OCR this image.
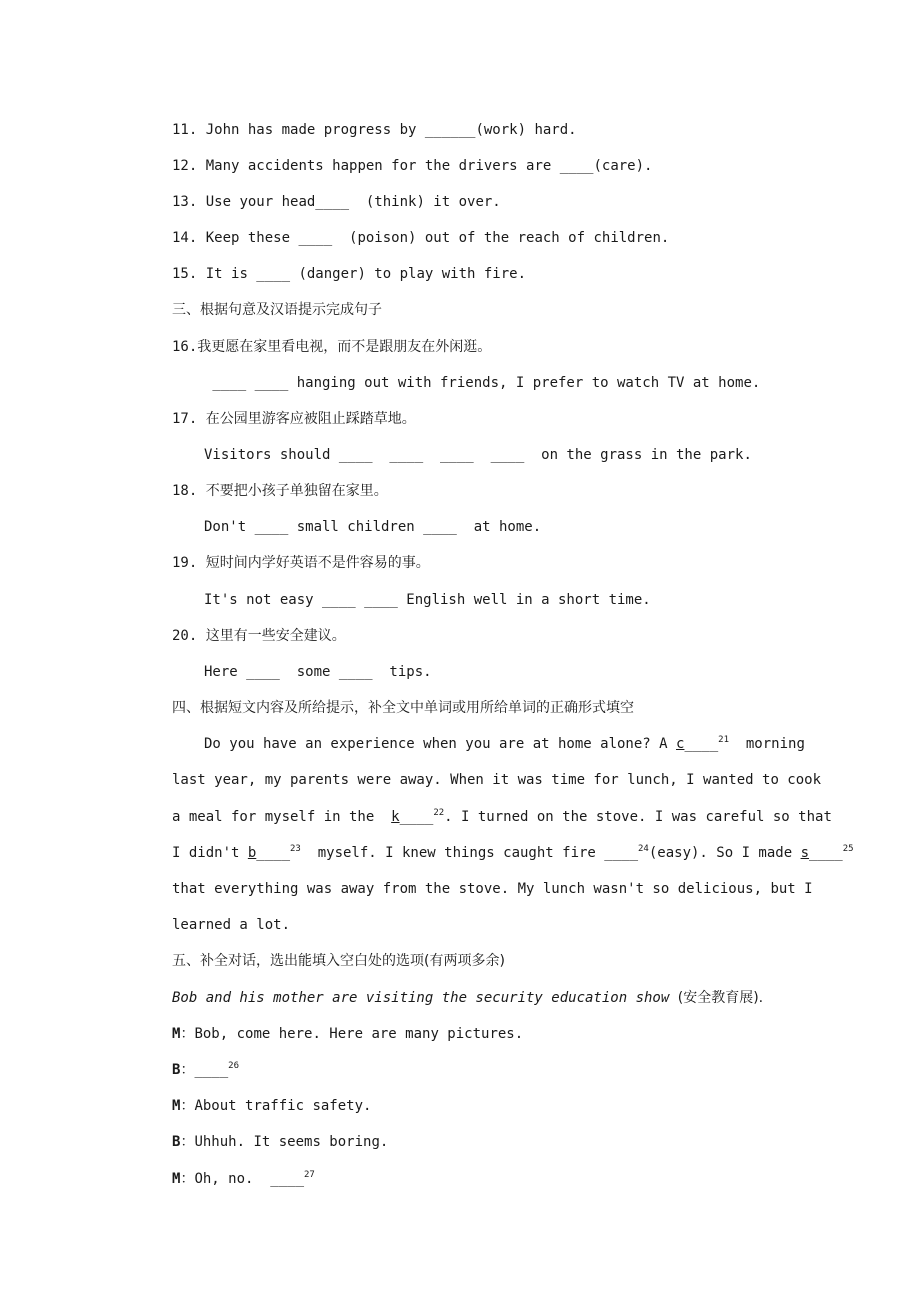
11. John has made progress by ______(work) hard.
12. Many accidents happen for the drivers are ____(care).
13. Use your head____  (think) it over.
14. Keep these ____  (poison) out of the reach of children.
15. It is ____ (danger) to play with fire.
三、根据句意及汉语提示完成句子
16.我更愿在家里看电视，而不是跟朋友在外闲逛。
____ ____ hanging out with friends, I prefer to watch TV at home.
17. 在公园里游客应被阻止踩踏草地。
Visitors should ____  ____  ____  ____  on the grass in the park.
18. 不要把小孩子单独留在家里。
Don't ____ small children ____  at home.
19. 短时间内学好英语不是件容易的事。
It's not easy ____ ____ English well in a short time.
20. 这里有一些安全建议。
Here ____  some ____  tips.
四、根据短文内容及所给提示，补全文中单词或用所给单词的正确形式填空
Do you have an experience when you are at home alone? A c____$^{21}$  morning
last year, my parents were away. When it was time for lunch, I wanted to cook
a meal for myself in the  k____$^{22}$. I turned on the stove. I was careful so that
I didn't b____$^{23}$  myself. I knew things caught fire ____$^{24}$(easy). So I made s____$^{25}$
that everything was away from the stove. My lunch wasn't so delicious, but I
learned a lot.
五、补全对话，选出能填入空白处的选项(有两项多余)
Bob and his mother are visiting the security education show (安全教育展).
M：Bob, come here. Here are many pictures.
B：____$^{26}$
M：About traffic safety.
B：Uhhuh. It seems boring.
M：Oh, no.  ____$^{27}$
